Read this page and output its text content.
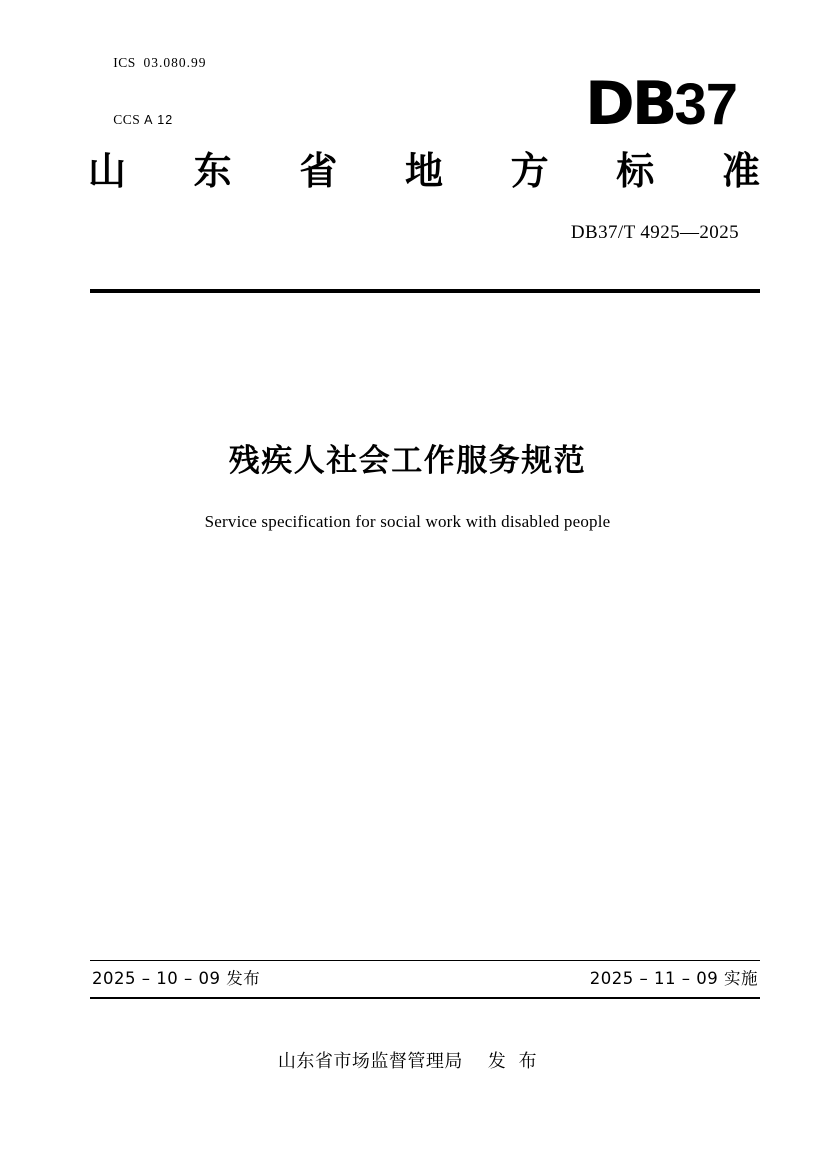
ICS 03.080.99

CCS A 12
	DB37
山 东 省 地 方 标 准
DB37/T 4925—2025
残疾人社会工作服务规范
Service specification for social work with disabled people
2025 – 10 – 09 发布	2025 – 11 – 09 实施
山东省市场监督管理局    发  布
